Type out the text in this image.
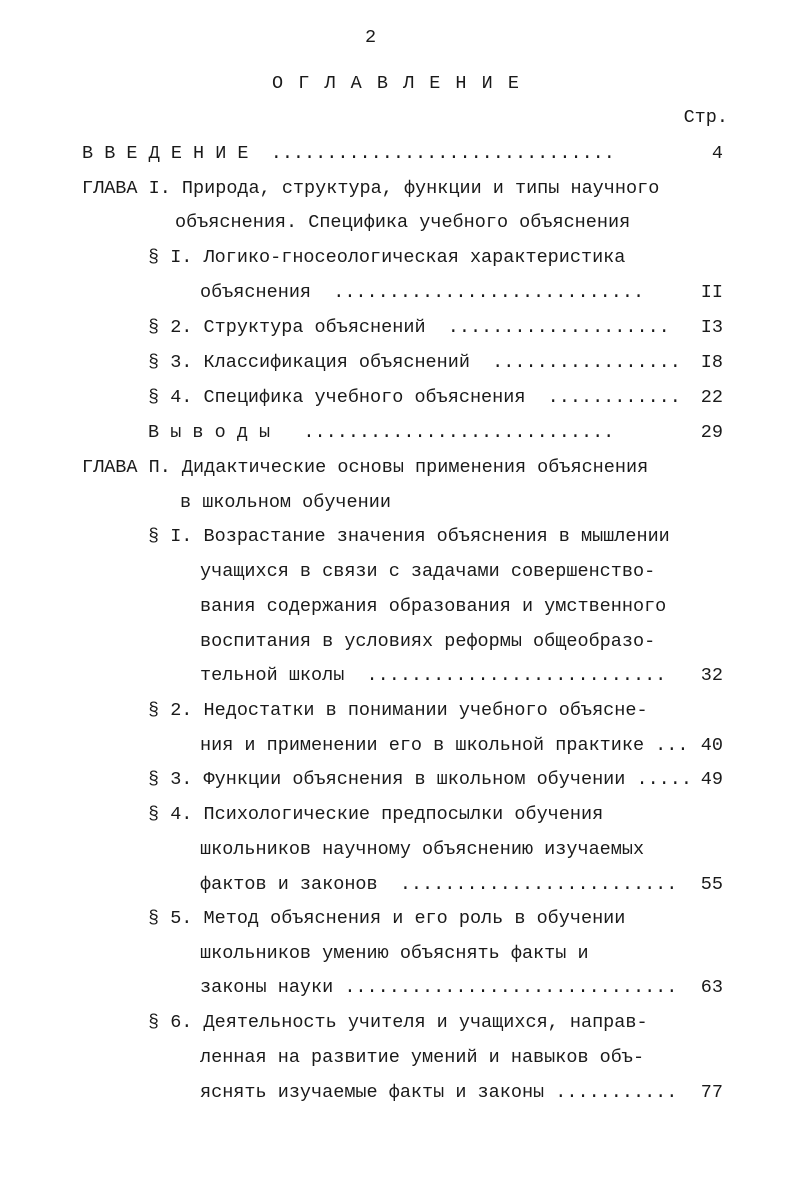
2
О Г Л А В Л Е Н И Е
Стр.
В В Е Д Е Н И Е  ...............................	4
ГЛАВА I. Природа, структура, функции и типы научного
объяснения. Специфика учебного объяснения
§ I. Логико-гносеологическая характеристика
объяснения  ............................	II
§ 2. Структура объяснений  ....................	I3
§ 3. Классификация объяснений  .................	I8
§ 4. Специфика учебного объяснения  ............	22
В ы в о д ы   ............................	29
ГЛАВА П. Дидактические основы применения объяснения
в школьном обучении
§ I. Возрастание значения объяснения в мышлении
учащихся в связи с задачами совершенство-
вания содержания образования и умственного
воспитания в условиях реформы общеобразо-
тельной школы  ...........................	32
§ 2. Недостатки в понимании учебного объясне-
ния и применении его в школьной практике ... 40
§ 3. Функции объяснения в школьном обучении ..... 49
§ 4. Психологические предпосылки обучения
школьников научному объяснению изучаемых
фактов и законов  .........................	55
§ 5. Метод объяснения и его роль в обучении
школьников умению объяснять факты и
законы науки ..............................	63
§ 6. Деятельность учителя и учащихся, направ-
ленная на развитие умений и навыков объ-
яснять изучаемые факты и законы ...........	77
